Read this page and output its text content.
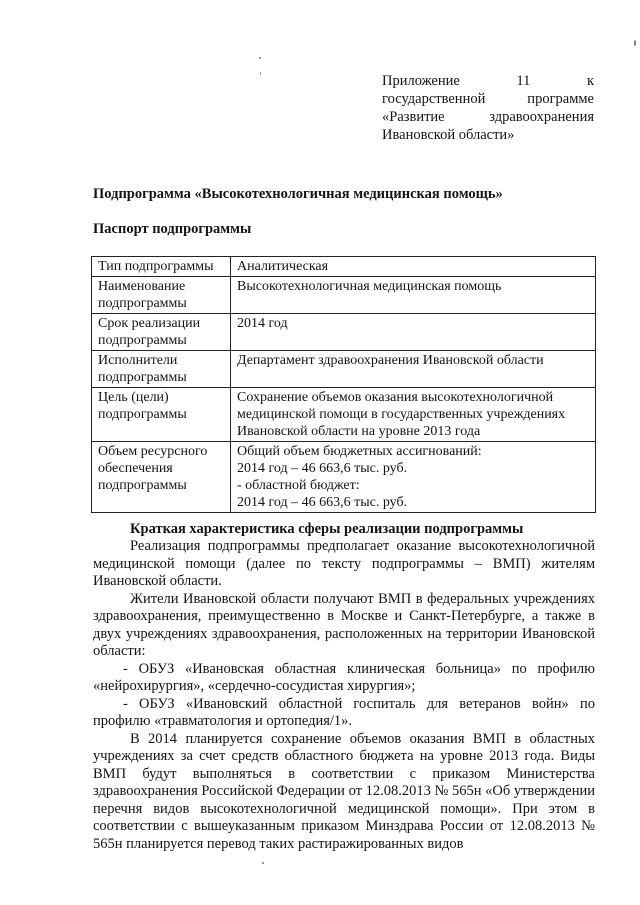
Приложение	11	к
государственной программе
«Развитие здравоохранения
Ивановской области»
Подпрограмма «Высокотехнологичная медицинская помощь»
Паспорт подпрограммы
Тип подпрограммы	Аналитическая
Наименование подпрограммы	Высокотехнологичная медицинская помощь
Срок реализации подпрограммы	2014 год
Исполнители подпрограммы	Департамент здравоохранения Ивановской области
Цель (цели) подпрограммы	Сохранение объемов оказания высокотехнологичной медицинской помощи в государственных учреждениях Ивановской области на уровне 2013 года
Объем ресурсного обеспечения подпрограммы	Общий объем бюджетных ассигнований:
2014 год – 46 663,6 тыс. руб.
- областной бюджет:
2014 год – 46 663,6 тыс. руб.
Краткая характеристика сферы реализации подпрограммы

Реализация подпрограммы предполагает оказание высокотехнологичной медицинской помощи (далее по тексту подпрограммы – ВМП) жителям Ивановской области.

Жители Ивановской области получают ВМП в федеральных учреждениях здравоохранения, преимущественно в Москве и Санкт-Петербурге, а также в двух учреждениях здравоохранения, расположенных на территории Ивановской области:

- ОБУЗ «Ивановская областная клиническая больница» по профилю «нейрохирургия», «сердечно-сосудистая хирургия»;

- ОБУЗ «Ивановский областной госпиталь для ветеранов войн» по профилю «травматология и ортопедия/1».

В 2014 планируется сохранение объемов оказания ВМП в областных учреждениях за счет средств областного бюджета на уровне 2013 года. Виды ВМП будут выполняться в соответствии с приказом Министерства здравоохранения Российской Федерации от 12.08.2013 № 565н «Об утверждении перечня видов высокотехнологичной медицинской помощи». При этом в соответствии с вышеуказанным приказом Минздрава России от 12.08.2013 № 565н планируется перевод таких растиражированных видов
